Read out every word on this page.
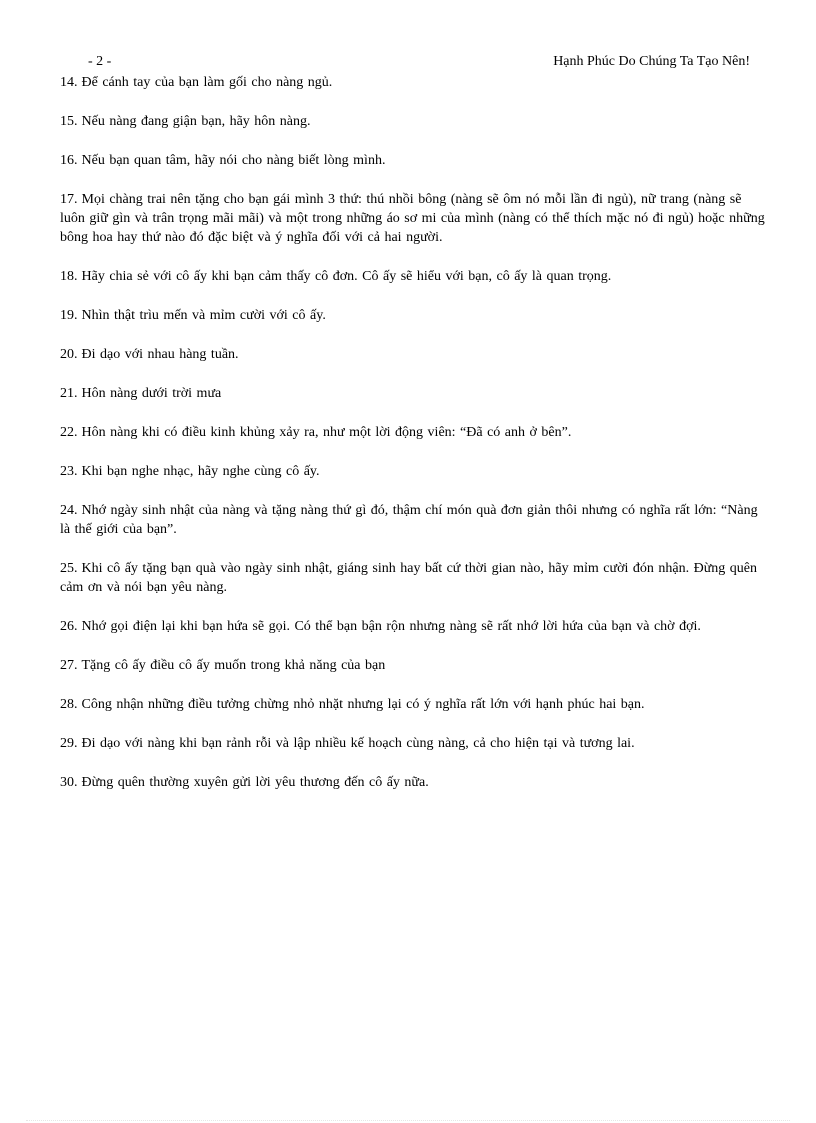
- 2 -	Hạnh Phúc Do Chúng Ta Tạo Nên!

14. Để cánh tay của bạn làm gối cho nàng ngủ.

15. Nếu nàng đang giận bạn, hãy hôn nàng.

16. Nếu bạn quan tâm, hãy nói cho nàng biết lòng mình.

17. Mọi chàng trai nên tặng cho bạn gái mình 3 thứ: thú nhồi bông (nàng sẽ ôm nó mỗi lần đi ngủ), nữ trang (nàng sẽ luôn giữ gìn và trân trọng mãi mãi) và một trong những áo sơ mi của mình (nàng có thể thích mặc nó đi ngủ) hoặc những bông hoa hay thứ nào đó đặc biệt và ý nghĩa đối với cả hai người.

18. Hãy chia sẻ với cô ấy khi bạn cảm thấy cô đơn. Cô ấy sẽ hiểu với bạn, cô ấy là quan trọng.

19. Nhìn thật trìu mến và mỉm cười với cô ấy.

20. Đi dạo với nhau hàng tuần.

21. Hôn nàng dưới trời mưa

22. Hôn nàng khi có điều kinh khủng xảy ra, như một lời động viên: “Đã có anh ở bên”.

23. Khi bạn nghe nhạc, hãy nghe cùng cô ấy.

24. Nhớ ngày sinh nhật của nàng và tặng nàng thứ gì đó, thậm chí món quà đơn giản thôi nhưng có nghĩa rất lớn: “Nàng là thế giới của bạn”.

25. Khi cô ấy tặng bạn quà vào ngày sinh nhật, giáng sinh hay bất cứ thời gian nào, hãy mỉm cười đón nhận. Đừng quên cảm ơn và nói bạn yêu nàng.

26. Nhớ gọi điện lại khi bạn hứa sẽ gọi. Có thể bạn bận rộn nhưng nàng sẽ rất nhớ lời hứa của bạn và chờ đợi.

27. Tặng cô ấy điều cô ấy muốn trong khả năng của bạn

28. Công nhận những điều tưởng chừng nhỏ nhặt nhưng lại có ý nghĩa rất lớn với hạnh phúc hai bạn.

29. Đi dạo với nàng khi bạn rảnh rỗi và lập nhiều kế hoạch cùng nàng, cả cho hiện tại và tương lai.

30. Đừng quên thường xuyên gửi lời yêu thương đến cô ấy nữa.
